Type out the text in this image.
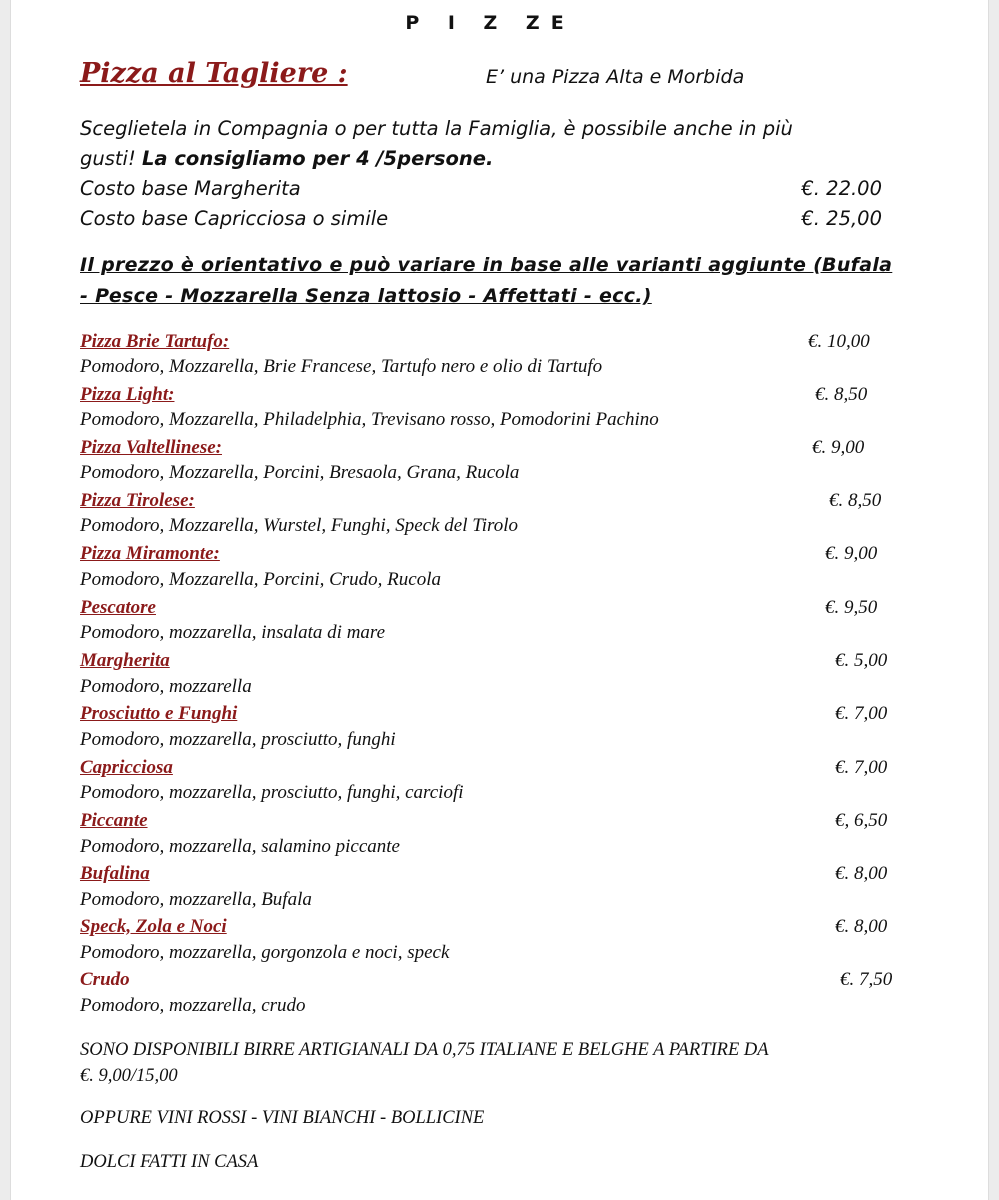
P I Z ZE
Pizza al Tagliere :	E’ una Pizza Alta e Morbida
Sceglietela in Compagnia o per tutta la Famiglia, è possibile anche in più
gusti! La consigliamo per 4 /5persone.
Costo base Margherita	€. 22.00
Costo base Capricciosa o simile	€. 25,00
Il prezzo è orientativo e può variare in base alle varianti aggiunte (Bufala
- Pesce - Mozzarella Senza lattosio - Affettati - ecc.)
Pizza Brie Tartufo:	€. 10,00
Pomodoro, Mozzarella, Brie Francese, Tartufo nero e olio di Tartufo
Pizza Light:	€. 8,50
Pomodoro, Mozzarella, Philadelphia, Trevisano rosso, Pomodorini Pachino
Pizza Valtellinese:	€. 9,00
Pomodoro, Mozzarella, Porcini, Bresaola, Grana, Rucola
Pizza Tirolese:	€. 8,50
Pomodoro, Mozzarella, Wurstel, Funghi, Speck del Tirolo
Pizza Miramonte:	€. 9,00
Pomodoro, Mozzarella, Porcini, Crudo, Rucola
Pescatore	€. 9,50
Pomodoro, mozzarella, insalata di mare
Margherita	€. 5,00
Pomodoro, mozzarella
Prosciutto e Funghi	€. 7,00
Pomodoro, mozzarella, prosciutto, funghi
Capricciosa	€. 7,00
Pomodoro, mozzarella, prosciutto, funghi, carciofi
Piccante	€, 6,50
Pomodoro, mozzarella, salamino piccante
Bufalina	€. 8,00
Pomodoro, mozzarella, Bufala
Speck, Zola e Noci	€. 8,00
Pomodoro, mozzarella, gorgonzola e noci, speck
Crudo	€. 7,50
Pomodoro, mozzarella, crudo
SONO DISPONIBILI BIRRE ARTIGIANALI DA 0,75 ITALIANE E BELGHE A PARTIRE DA
€. 9,00/15,00
OPPURE VINI ROSSI - VINI BIANCHI - BOLLICINE
DOLCI FATTI IN CASA
